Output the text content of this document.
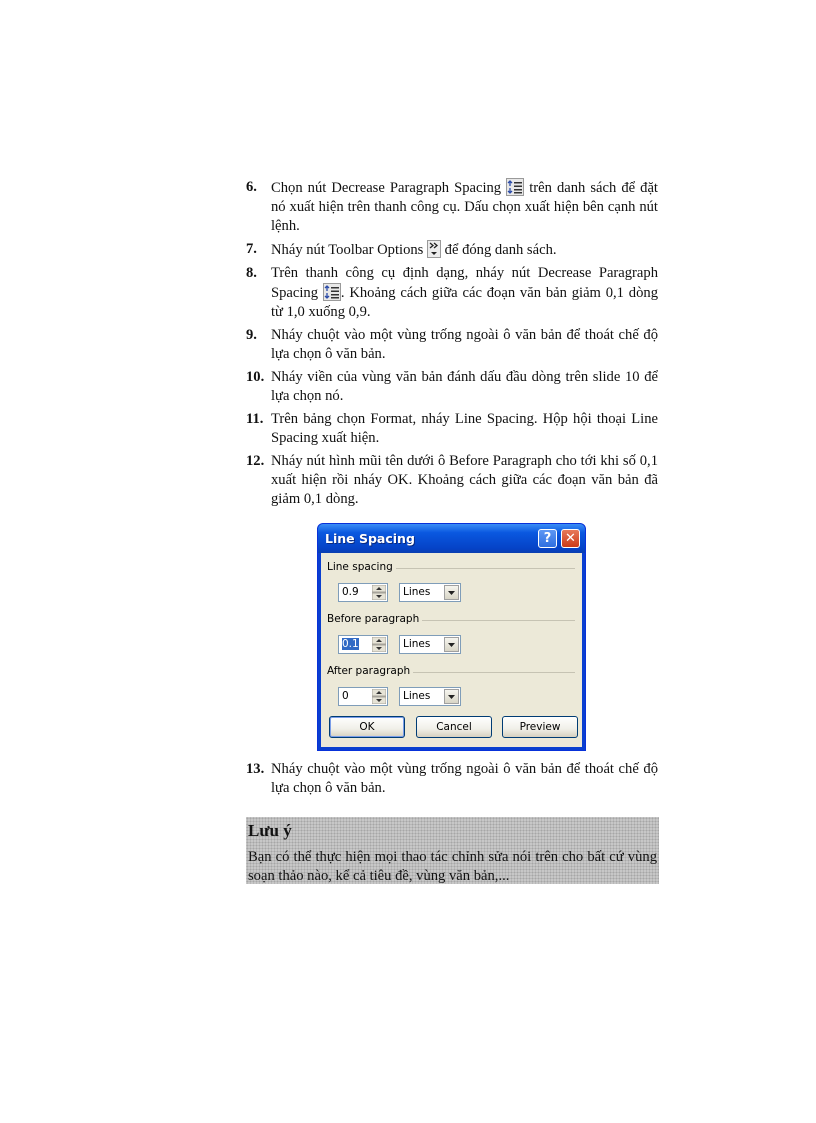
6. Chọn nút Decrease Paragraph Spacing trên danh sách để đặt nó xuất hiện trên thanh công cụ. Dấu chọn xuất hiện bên cạnh nút lệnh.
7. Nháy nút Toolbar Options để đóng danh sách.
8. Trên thanh công cụ định dạng, nháy nút Decrease Paragraph Spacing . Khoảng cách giữa các đoạn văn bản giảm 0,1 dòng từ 1,0 xuống 0,9.
9. Nháy chuột vào một vùng trống ngoài ô văn bản để thoát chế độ lựa chọn ô văn bản.
10. Nháy viền của vùng văn bản đánh dấu đầu dòng trên slide 10 để lựa chọn nó.
11. Trên bảng chọn Format, nháy Line Spacing. Hộp hội thoại Line Spacing xuất hiện.
12. Nháy nút hình mũi tên dưới ô Before Paragraph cho tới khi số 0,1 xuất hiện rồi nháy OK. Khoảng cách giữa các đoạn văn bản đã giảm 0,1 dòng.
Line Spacing	?	✕
Line spacing
0.9	Lines
Before paragraph
0.1	Lines
After paragraph
0	Lines
OK	Cancel	Preview
13. Nháy chuột vào một vùng trống ngoài ô văn bản để thoát chế độ lựa chọn ô văn bản.
Lưu ý
Bạn có thể thực hiện mọi thao tác chỉnh sửa nói trên cho bất cứ vùng soạn thảo nào, kể cả tiêu đề, vùng văn bản,...
